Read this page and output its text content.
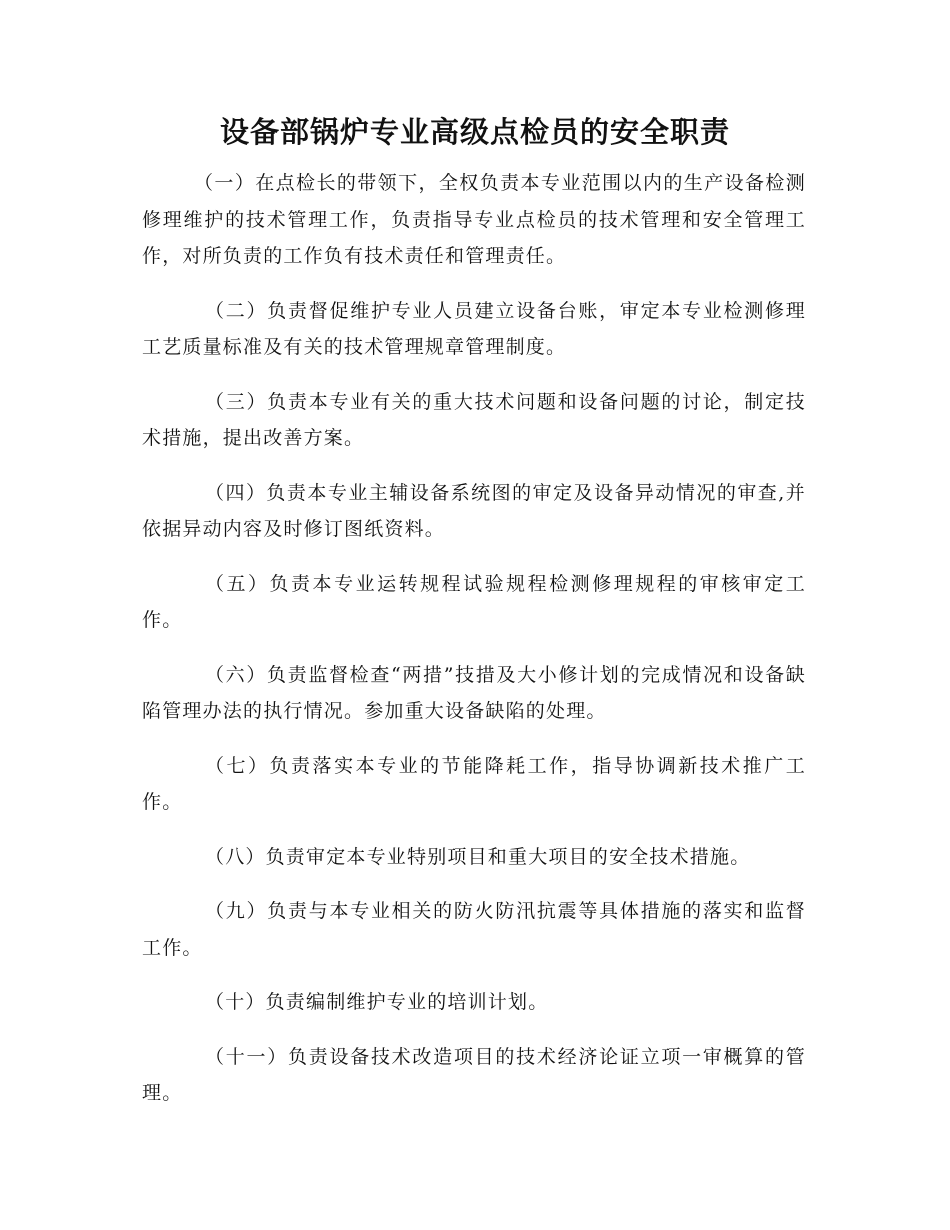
设备部锅炉专业高级点检员的安全职责

（一）在点检长的带领下，全权负责本专业范围以内的生产设备检测修理维护的技术管理工作，负责指导专业点检员的技术管理和安全管理工作，对所负责的工作负有技术责任和管理责任。

（二）负责督促维护专业人员建立设备台账，审定本专业检测修理工艺质量标准及有关的技术管理规章管理制度。

（三）负责本专业有关的重大技术问题和设备问题的讨论，制定技术措施，提出改善方案。

（四）负责本专业主辅设备系统图的审定及设备异动情况的审查,并依据异动内容及时修订图纸资料。

（五）负责本专业运转规程试验规程检测修理规程的审核审定工作。

（六）负责监督检查“两措”技措及大小修计划的完成情况和设备缺陷管理办法的执行情况。参加重大设备缺陷的处理。

（七）负责落实本专业的节能降耗工作，指导协调新技术推广工作。

（八）负责审定本专业特别项目和重大项目的安全技术措施。

（九）负责与本专业相关的防火防汛抗震等具体措施的落实和监督工作。

（十）负责编制维护专业的培训计划。

（十一）负责设备技术改造项目的技术经济论证立项一审概算的管理。
